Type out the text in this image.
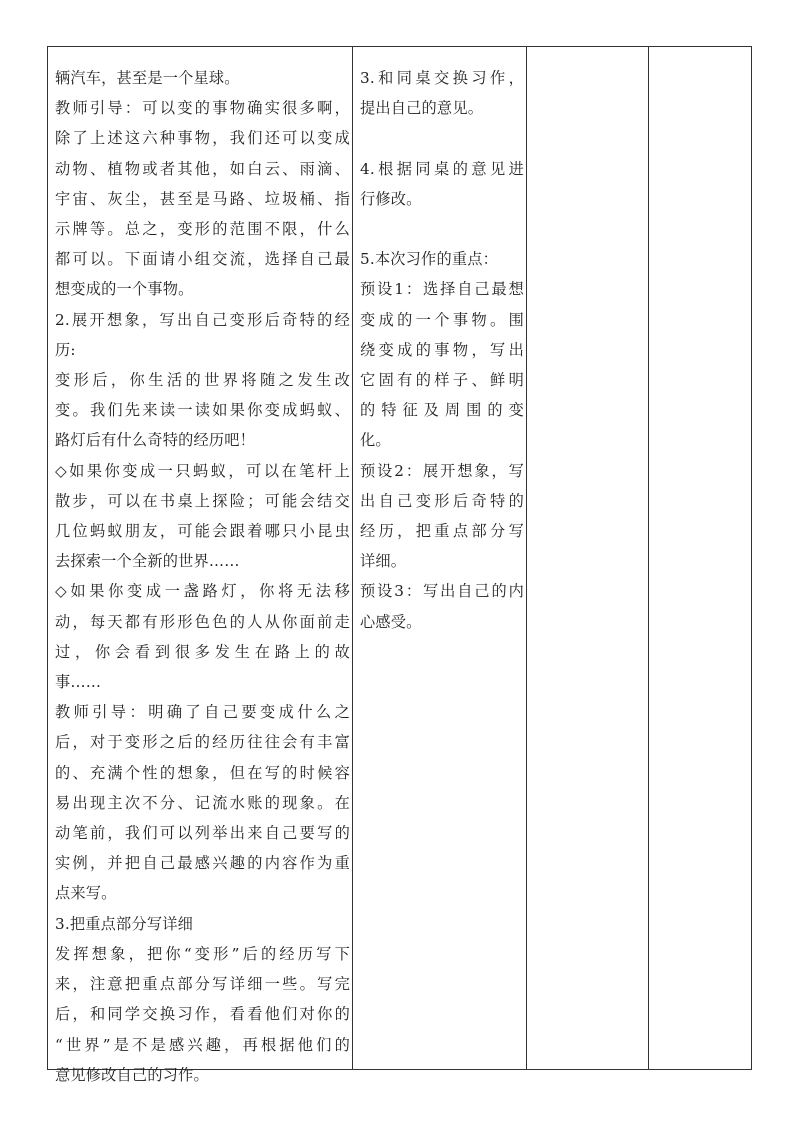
辆汽车，甚至是一个星球。
教师引导：可以变的事物确实很多啊，
除了上述这六种事物，我们还可以变成
动物、植物或者其他，如白云、雨滴、
宇宙、灰尘，甚至是马路、垃圾桶、指
示牌等。总之，变形的范围不限，什么
都可以。下面请小组交流，选择自己最
想变成的一个事物。
2.展开想象，写出自己变形后奇特的经
历:
变形后，你生活的世界将随之发生改
变。我们先来读一读如果你变成蚂蚁、
路灯后有什么奇特的经历吧！
◇如果你变成一只蚂蚁，可以在笔杆上
散步，可以在书桌上探险；可能会结交
几位蚂蚁朋友，可能会跟着哪只小昆虫
去探索一个全新的世界……
◇如果你变成一盏路灯，你将无法移
动，每天都有形形色色的人从你面前走
过，你会看到很多发生在路上的故
事……
教师引导：明确了自己要变成什么之
后，对于变形之后的经历往往会有丰富
的、充满个性的想象，但在写的时候容
易出现主次不分、记流水账的现象。在
动笔前，我们可以列举出来自己要写的
实例，并把自己最感兴趣的内容作为重
点来写。
3.把重点部分写详细
发挥想象，把你“变形”后的经历写下
来，注意把重点部分写详细一些。写完
后，和同学交换习作，看看他们对你的
“世界”是不是感兴趣，再根据他们的
意见修改自己的习作。
3.和同桌交换习作，
提出自己的意见。
4.根据同桌的意见进
行修改。
5.本次习作的重点：
预设1：选择自己最想
变成的一个事物。围
绕变成的事物，写出
它固有的样子、鲜明
的特征及周围的变
化。
预设2：展开想象，写
出自己变形后奇特的
经历，把重点部分写
详细。
预设3：写出自己的内
心感受。
